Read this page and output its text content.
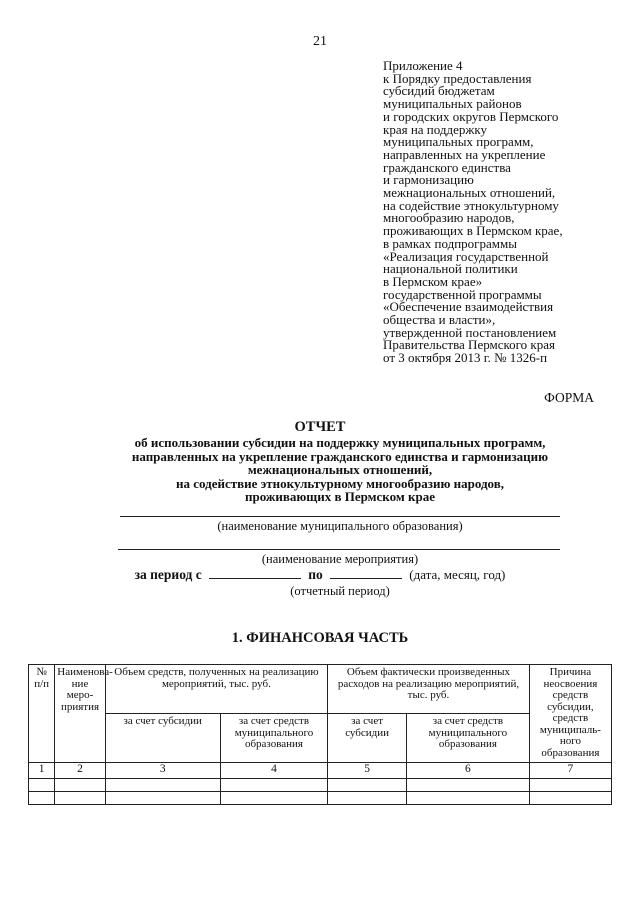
21
Приложение 4
к Порядку предоставления
субсидий бюджетам
муниципальных районов
и городских округов Пермского
края на поддержку
муниципальных программ,
направленных на укрепление
гражданского единства
и гармонизацию
межнациональных отношений,
на содействие этнокультурному
многообразию народов,
проживающих в Пермском крае,
в рамках подпрограммы
«Реализация государственной
национальной политики
в Пермском крае»
государственной программы
«Обеспечение взаимодействия
общества и власти»,
утвержденной постановлением
Правительства Пермского края
от 3 октября 2013 г. № 1326-п
ФОРМА
ОТЧЕТ
об использовании субсидии на поддержку муниципальных программ,
направленных на укрепление гражданского единства и гармонизацию
межнациональных отношений,
на содействие этнокультурному многообразию народов,
проживающих в Пермском крае
(наименование муниципального образования)
(наименование мероприятия)
за период с	по	(дата, месяц, год)
(отчетный период)
1. ФИНАНСОВАЯ ЧАСТЬ
№ п/п	Наименова- ние меро- приятия	Объем средств, полученных на реализацию мероприятий, тыс. руб.		Объем фактически произведенных расходов на реализацию мероприятий, тыс. руб.		Причина неосвоения средств субсидии, средств муниципаль- ного образования
		за счет субсидии	за счет средств муниципального образования	за счет субсидии	за счет средств муниципального образования	
1	2	3	4	5	6	7
